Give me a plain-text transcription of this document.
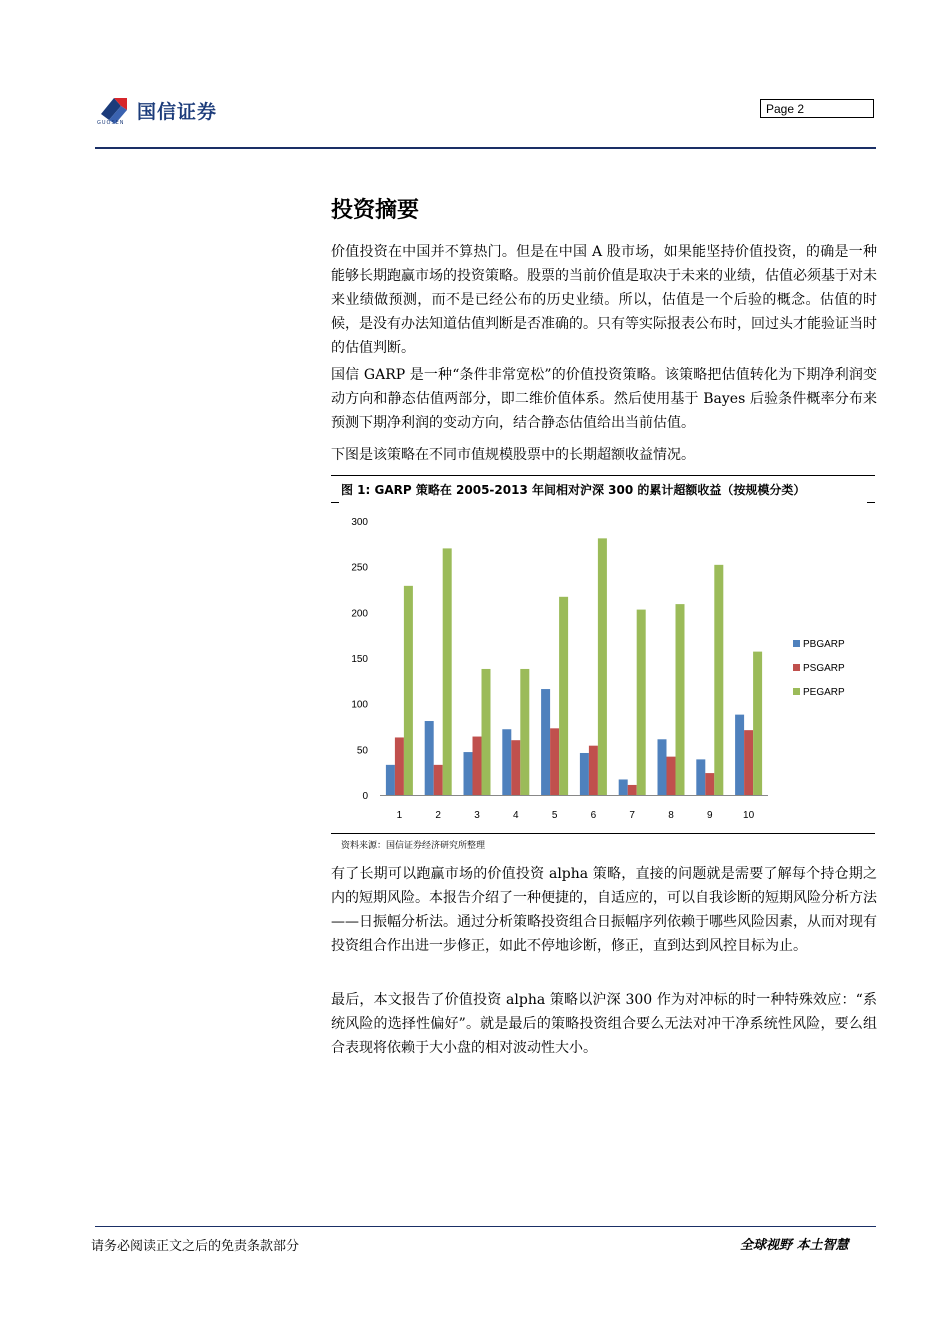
国信证券
GUOSEN
Page 2
投资摘要
价值投资在中国并不算热门。但是在中国 A 股市场，如果能坚持价值投资，的确是一种能够长期跑赢市场的投资策略。股票的当前价值是取决于未来的业绩，估值必须基于对未来业绩做预测，而不是已经公布的历史业绩。所以，估值是一个后验的概念。估值的时候，是没有办法知道估值判断是否准确的。只有等实际报表公布时，回过头才能验证当时的估值判断。
国信 GARP 是一种“条件非常宽松”的价值投资策略。该策略把估值转化为下期净利润变动方向和静态估值两部分，即二维价值体系。然后使用基于 Bayes 后验条件概率分布来预测下期净利润的变动方向，结合静态估值给出当前估值。
下图是该策略在不同市值规模股票中的长期超额收益情况。
图 1: GARP 策略在 2005-2013 年间相对沪深 300 的累计超额收益（按规模分类）
0
50
100
150
200
250
300
1	2	3	4	5	6	7	8	9	10
PBGARP
PSGARP
PEGARP
资料来源：国信证券经济研究所整理
有了长期可以跑赢市场的价值投资 alpha 策略，直接的问题就是需要了解每个持仓期之内的短期风险。本报告介绍了一种便捷的，自适应的，可以自我诊断的短期风险分析方法——日振幅分析法。通过分析策略投资组合日振幅序列依赖于哪些风险因素，从而对现有投资组合作出进一步修正，如此不停地诊断，修正，直到达到风控目标为止。
最后，本文报告了价值投资 alpha 策略以沪深 300 作为对冲标的时一种特殊效应：“系统风险的选择性偏好”。就是最后的策略投资组合要么无法对冲干净系统性风险，要么组合表现将依赖于大小盘的相对波动性大小。
请务必阅读正文之后的免责条款部分	全球视野 本土智慧
